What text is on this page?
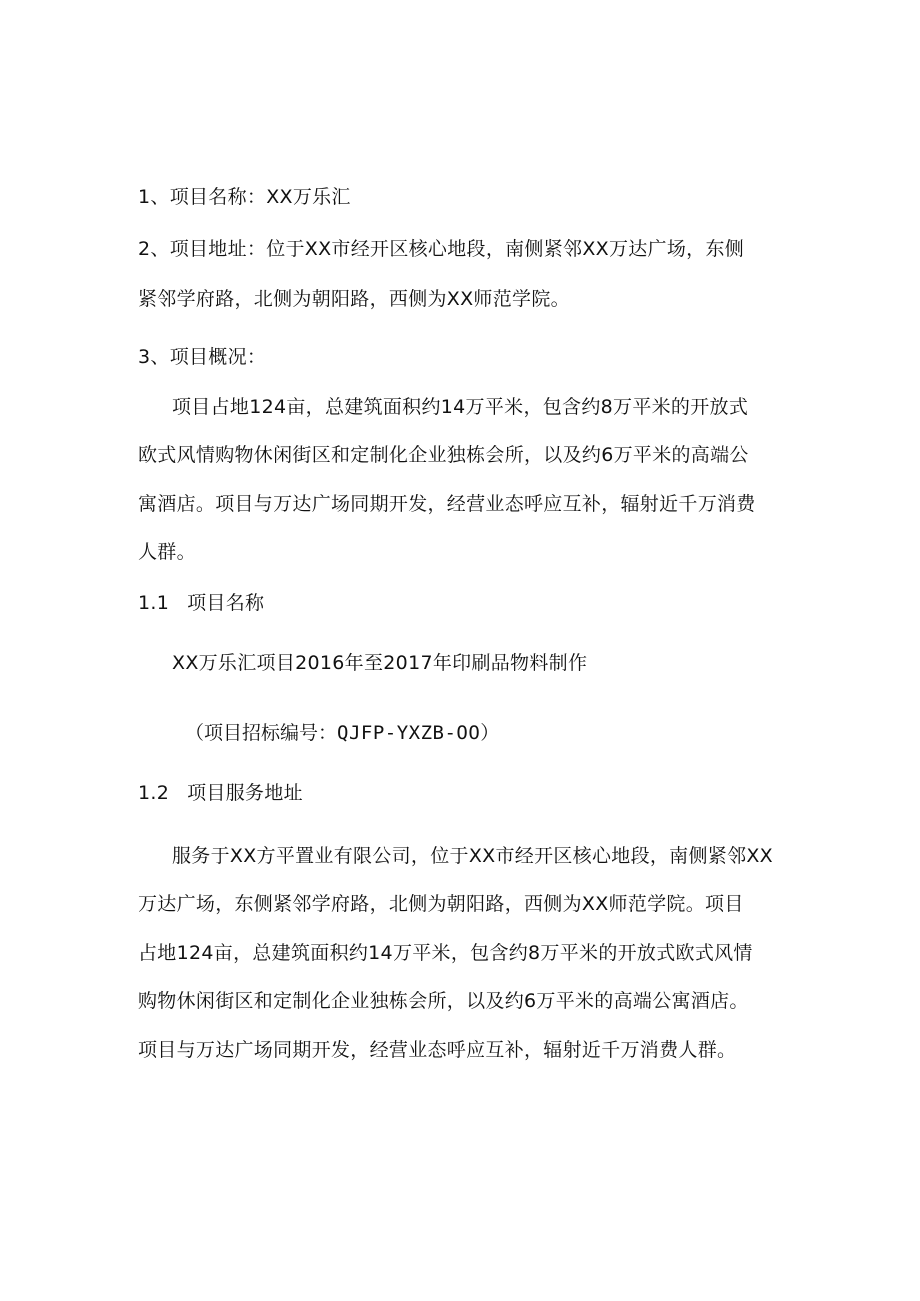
1、项目名称：XX万乐汇
2、项目地址：位于XX市经开区核心地段，南侧紧邻XX万达广场，东侧
紧邻学府路，北侧为朝阳路，西侧为XX师范学院。
3、项目概况：
项目占地124亩，总建筑面积约14万平米，包含约8万平米的开放式
欧式风情购物休闲街区和定制化企业独栋会所，以及约6万平米的高端公
寓酒店。项目与万达广场同期开发，经营业态呼应互补，辐射近千万消费
人群。
1.1 项目名称
XX万乐汇项目2016年至2017年印刷品物料制作
（项目招标编号：QJFP-YXZB-OO）
1.2 项目服务地址
服务于XX方平置业有限公司，位于XX市经开区核心地段，南侧紧邻XX
万达广场，东侧紧邻学府路，北侧为朝阳路，西侧为XX师范学院。项目
占地124亩，总建筑面积约14万平米，包含约8万平米的开放式欧式风情
购物休闲街区和定制化企业独栋会所，以及约6万平米的高端公寓酒店。
项目与万达广场同期开发，经营业态呼应互补，辐射近千万消费人群。
